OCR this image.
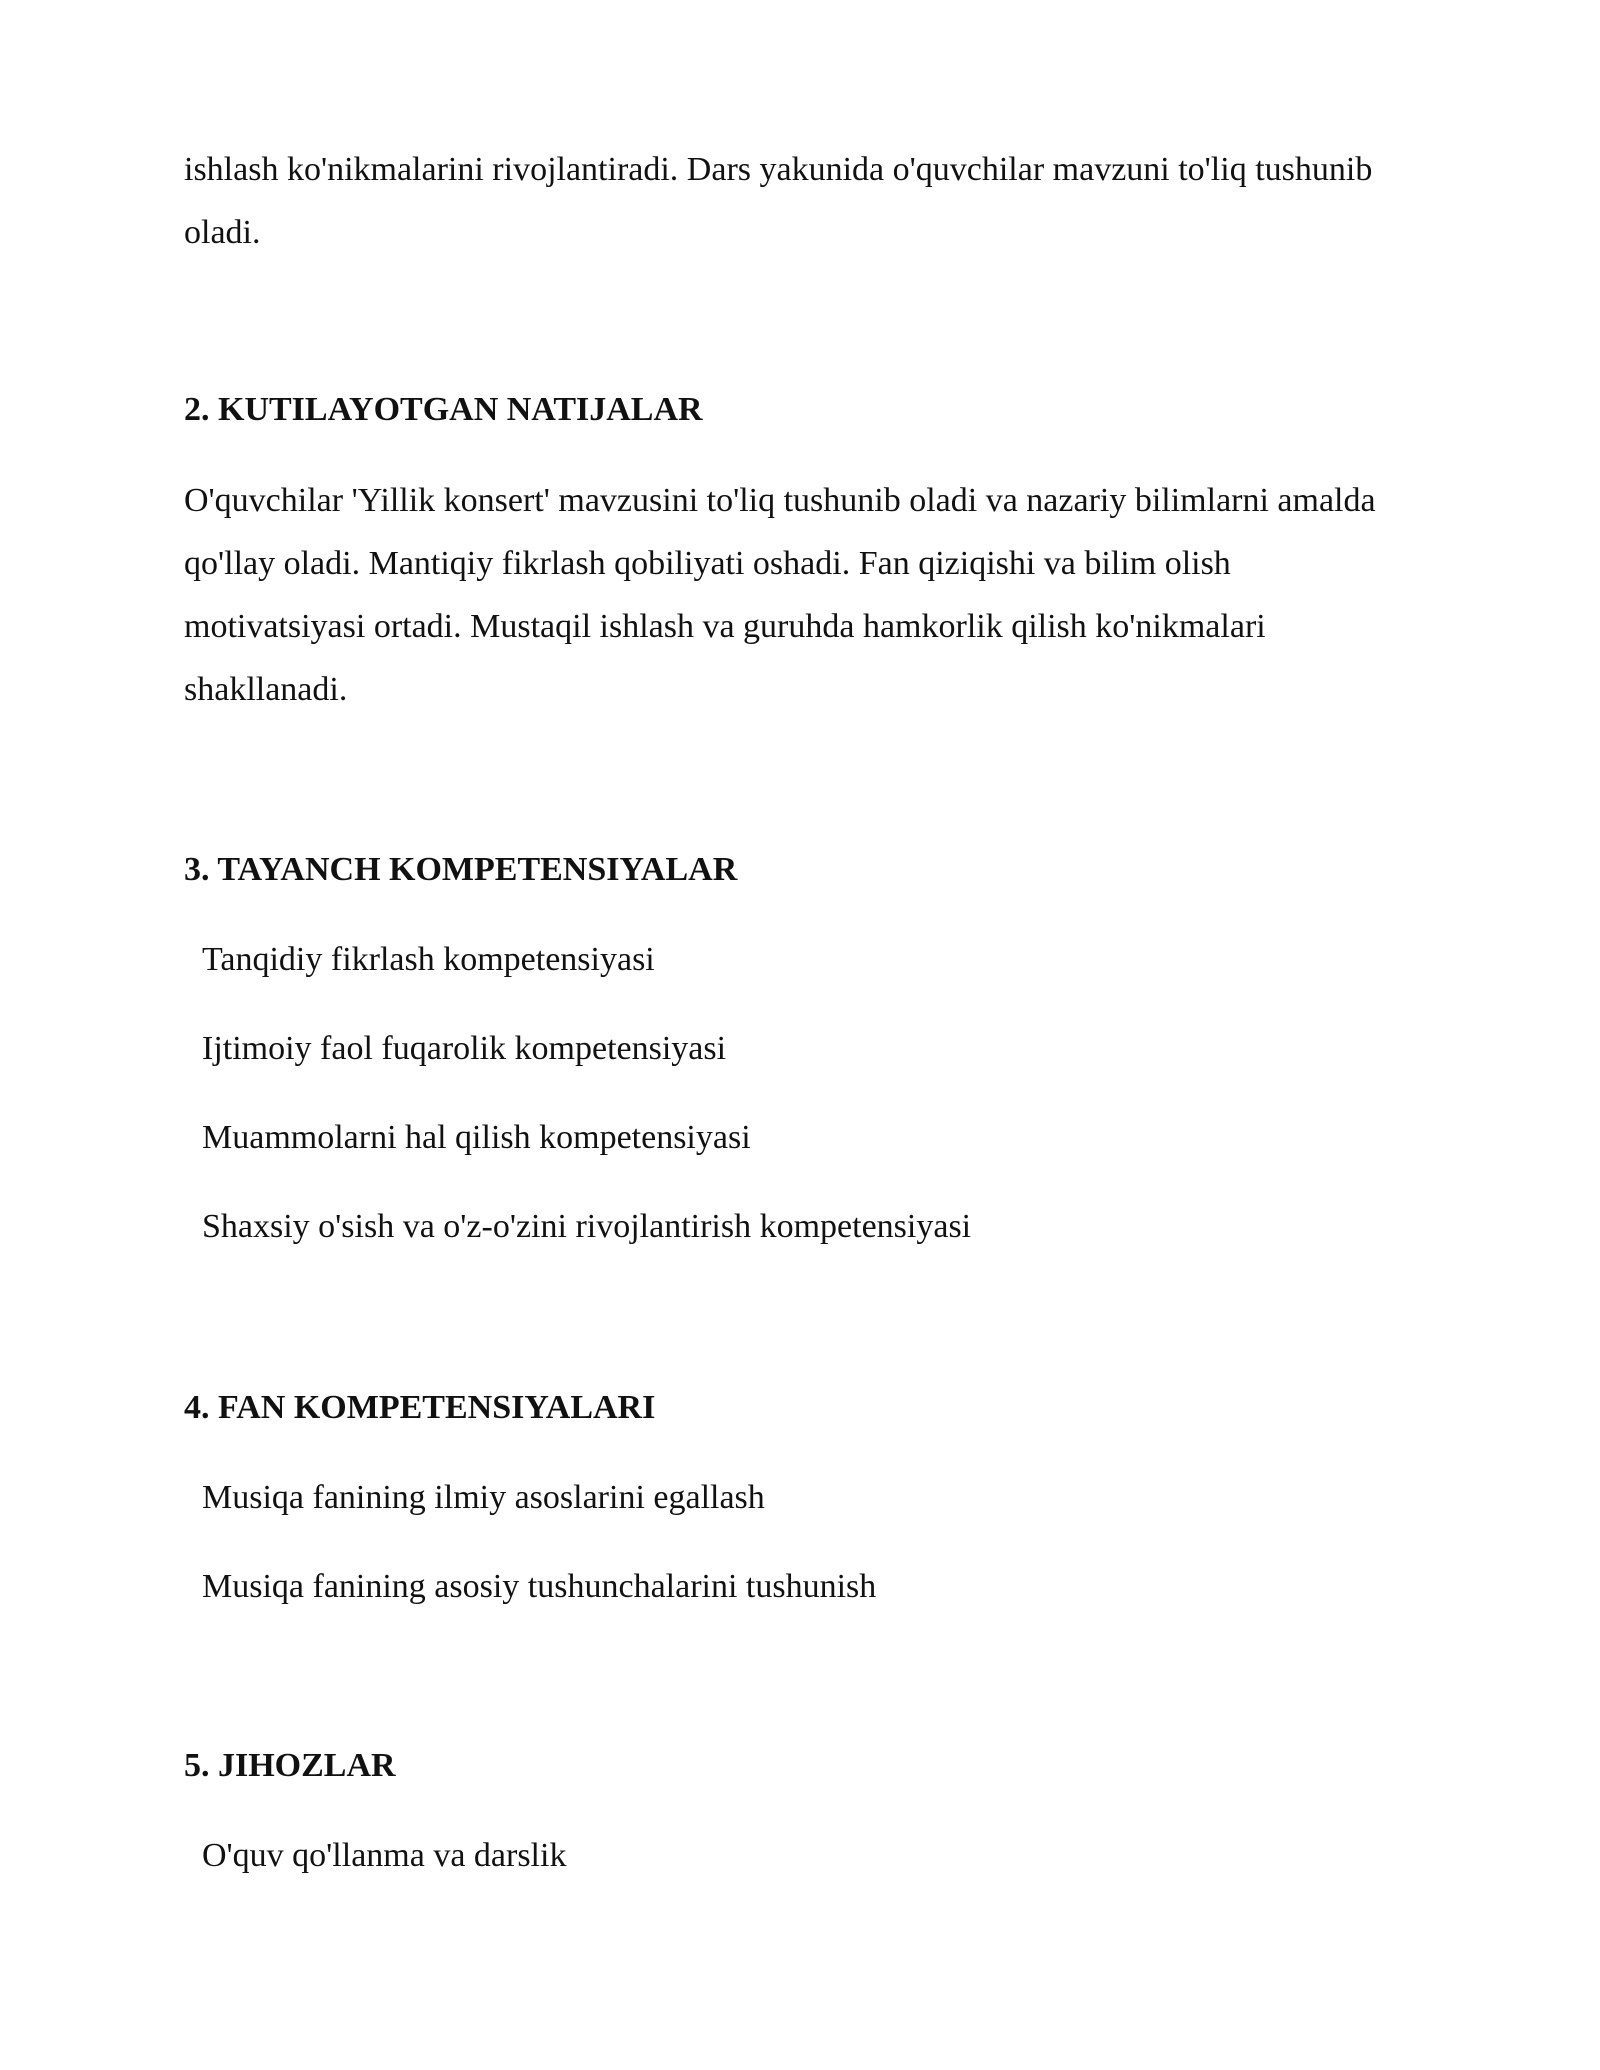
ishlash ko'nikmalarini rivojlantiradi. Dars yakunida o'quvchilar mavzuni to'liq tushunib oladi.

2. KUTILAYOTGAN NATIJALAR

O'quvchilar 'Yillik konsert' mavzusini to'liq tushunib oladi va nazariy bilimlarni amalda qo'llay oladi. Mantiqiy fikrlash qobiliyati oshadi. Fan qiziqishi va bilim olish motivatsiyasi ortadi. Mustaqil ishlash va guruhda hamkorlik qilish ko'nikmalari shakllanadi.

3. TAYANCH KOMPETENSIYALAR

Tanqidiy fikrlash kompetensiyasi

Ijtimoiy faol fuqarolik kompetensiyasi

Muammolarni hal qilish kompetensiyasi

Shaxsiy o'sish va o'z-o'zini rivojlantirish kompetensiyasi

4. FAN KOMPETENSIYALARI

Musiqa fanining ilmiy asoslarini egallash

Musiqa fanining asosiy tushunchalarini tushunish

5. JIHOZLAR

O'quv qo'llanma va darslik
